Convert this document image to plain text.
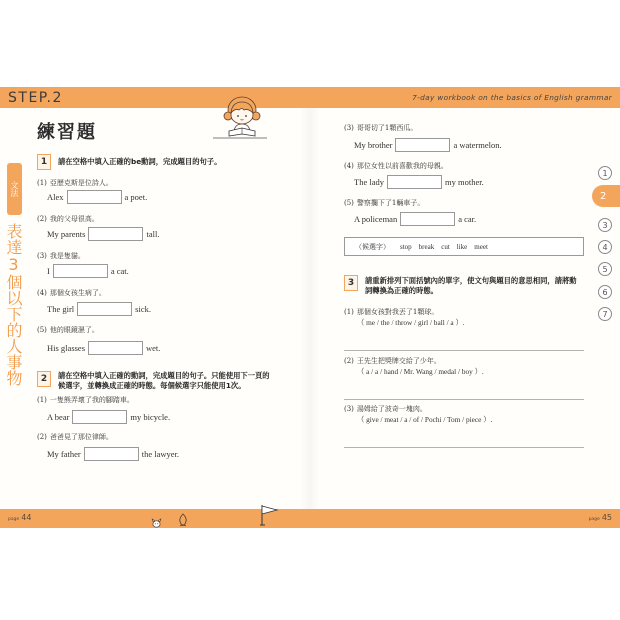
STEP.2	7-day workbook on the basics of English grammar
練習題
文法
表達3個以下的人事物
1	請在空格中填入正確的be動詞，完成題目的句子。
(1) 亞歷克斯是位詩人。
Alex	a poet.
(2) 我的父母很高。
My parents	tall.
(3) 我是隻貓。
I	a cat.
(4) 那個女孩生病了。
The girl	sick.
(5) 他的眼鏡濕了。
His glasses	wet.
2	請在空格中填入正確的動詞，完成題目的句子。只能使用下一頁的
候選字，並轉換成正確的時態。每個候選字只能使用1次。
(1) 一隻熊弄壞了我的腳踏車。
A bear	my bicycle.
(2) 爸爸見了那位律師。
My father	the lawyer.
(3) 哥哥切了1顆西瓜。
My brother	a watermelon.
(4) 那位女性以前喜歡我的母親。
The lady	my mother.
(5) 警察攔下了1輛車子。
A policeman	a car.
（候選字） stop break cut like meet
3	請重新排列下面括號內的單字，使文句與題目的意思相同，請將動
詞轉換為正確的時態。
(1) 那個女孩對我丟了1顆球。
（ me / the / throw / girl / ball / a ）.
(2) 王先生把獎牌交給了少年。
（ a / a / hand / Mr. Wang / medal / boy ）.
(3) 湯姆給了波奇一塊肉。
（ give / meat / a / of / Pochi / Tom / piece ）.
1
2
3
4
5
6
7
page 44	page 45
